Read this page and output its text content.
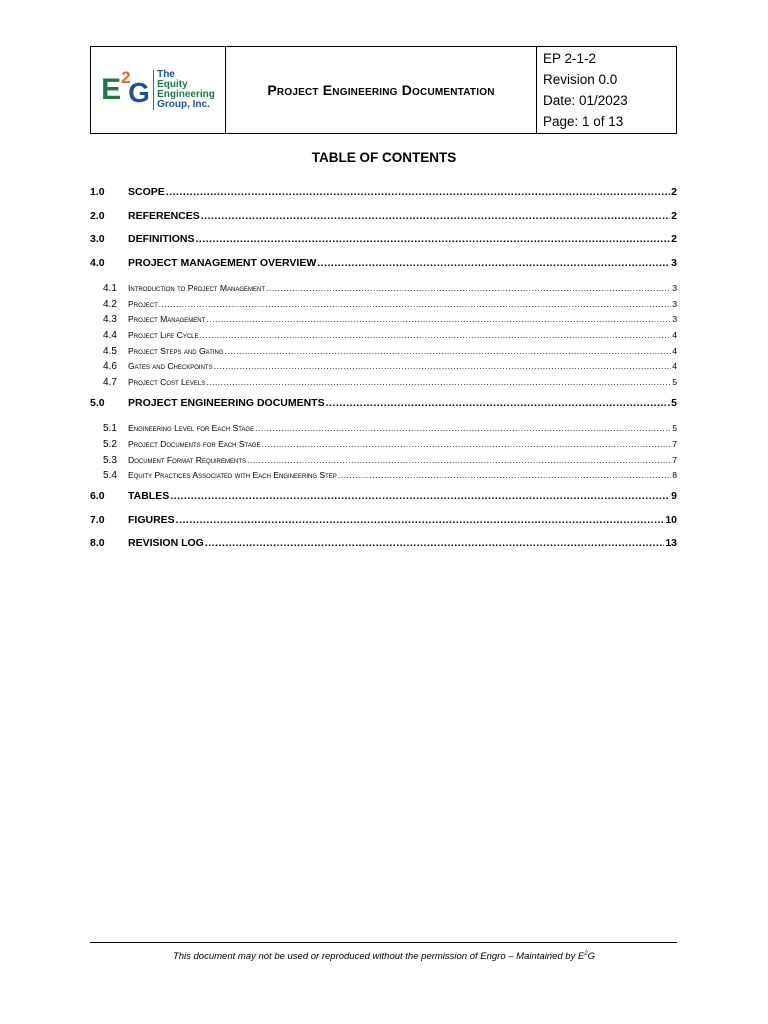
E 2
G
The
Equity
Engineering
Group, Inc.
Project Engineering Documentation
EP 2-1-2
Revision 0.0
Date: 01/2023
Page: 1 of 13
TABLE OF CONTENTS
1.0	SCOPE .....	2
2.0	REFERENCES .....	2
3.0	DEFINITIONS .....	2
4.0	PROJECT MANAGEMENT OVERVIEW .....	3
4.1	Introduction to Project Management .....	3
4.2	Project .....	3
4.3	Project Management .....	3
4.4	Project Life Cycle .....	4
4.5	Project Steps and Gating .....	4
4.6	Gates and Checkpoints .....	4
4.7	Project Cost Levels .....	5
5.0	PROJECT ENGINEERING DOCUMENTS .....	5
5.1	Engineering Level for Each Stage .....	5
5.2	Project Documents for Each Stage .....	7
5.3	Document Format Requirements .....	7
5.4	Equity Practices Associated with Each Engineering Step .....	8
6.0	TABLES .....	9
7.0	FIGURES .....	10
8.0	REVISION LOG .....	13
This document may not be used or reproduced without the permission of Engro – Maintained by $E^2G$
